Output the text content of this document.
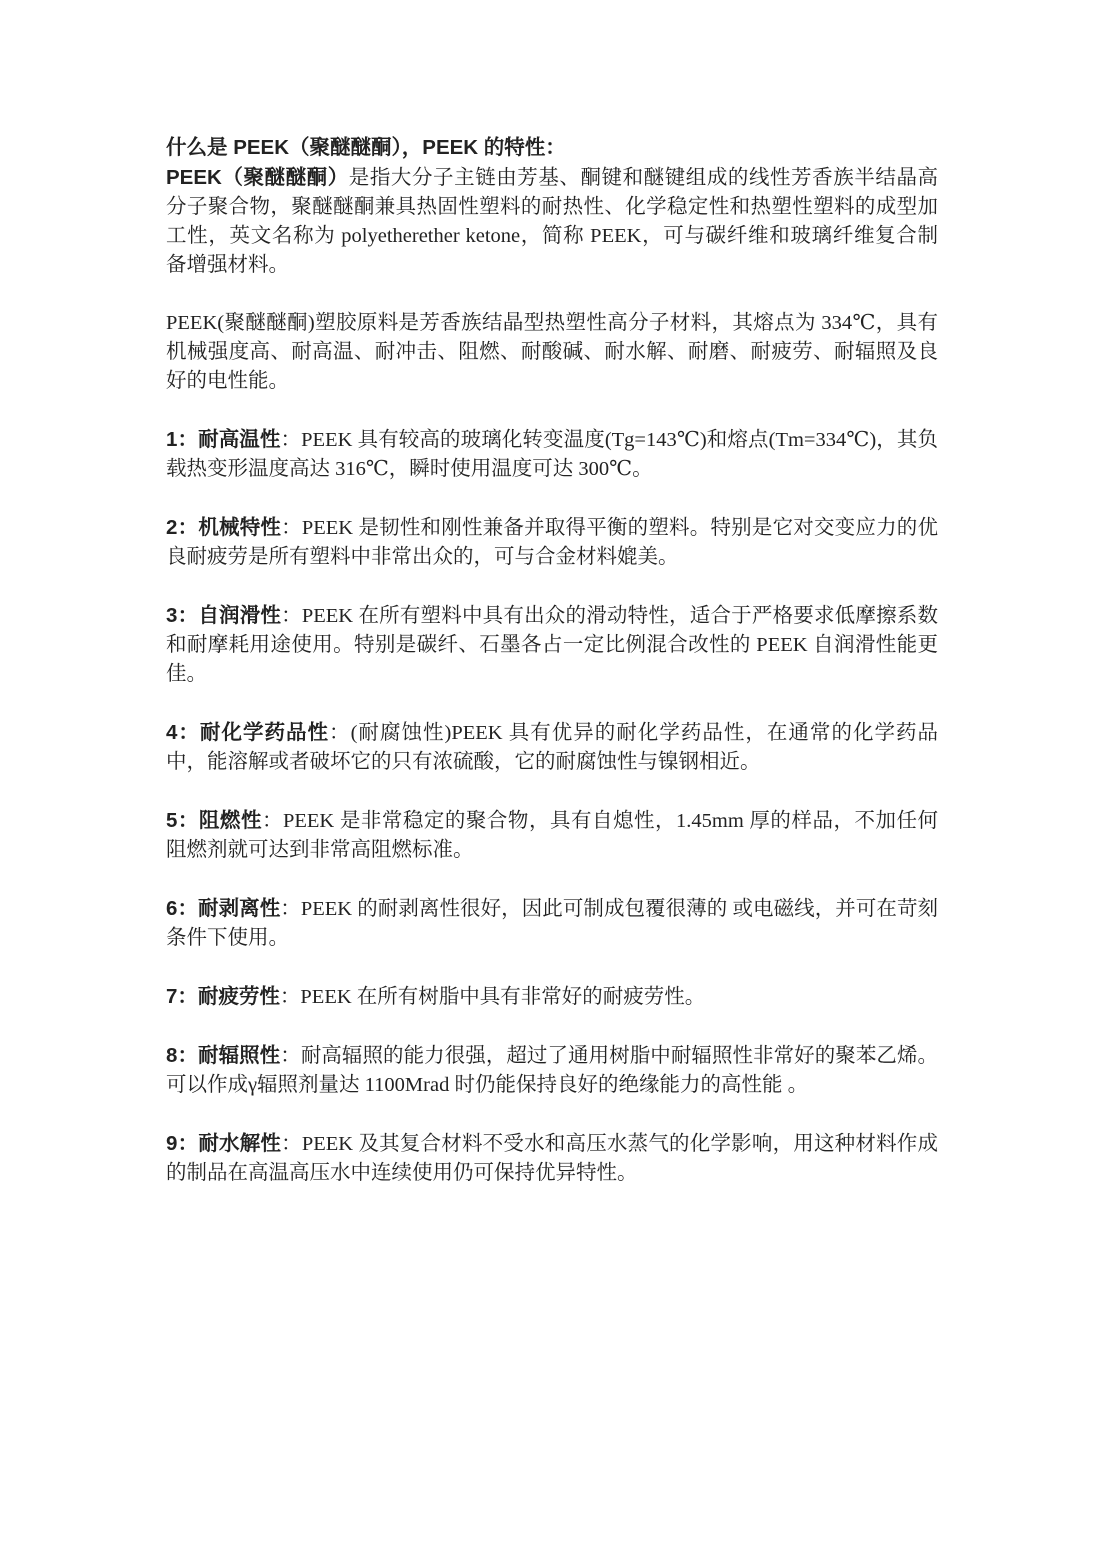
什么是 PEEK（聚醚醚酮），PEEK 的特性：

PEEK（聚醚醚酮）是指大分子主链由芳基、酮键和醚键组成的线性芳香族半结晶高分子聚合物，聚醚醚酮兼具热固性塑料的耐热性、化学稳定性和热塑性塑料的成型加工性，英文名称为 polyetherether ketone，简称 PEEK，可与碳纤维和玻璃纤维复合制备增强材料。

PEEK(聚醚醚酮)塑胶原料是芳香族结晶型热塑性高分子材料，其熔点为 334℃，具有机械强度高、耐高温、耐冲击、阻燃、耐酸碱、耐水解、耐磨、耐疲劳、耐辐照及良好的电性能。

1：耐高温性：PEEK 具有较高的玻璃化转变温度(Tg=143℃)和熔点(Tm=334℃)，其负载热变形温度高达 316℃，瞬时使用温度可达 300℃。

2：机械特性：PEEK 是韧性和刚性兼备并取得平衡的塑料。特别是它对交变应力的优良耐疲劳是所有塑料中非常出众的，可与合金材料媲美。

3：自润滑性：PEEK 在所有塑料中具有出众的滑动特性，适合于严格要求低摩擦系数和耐摩耗用途使用。特别是碳纤、石墨各占一定比例混合改性的 PEEK 自润滑性能更佳。

4：耐化学药品性：(耐腐蚀性)PEEK 具有优异的耐化学药品性，在通常的化学药品中，能溶解或者破坏它的只有浓硫酸，它的耐腐蚀性与镍钢相近。

5：阻燃性：PEEK 是非常稳定的聚合物，具有自熄性，1.45mm 厚的样品，不加任何阻燃剂就可达到非常高阻燃标准。

6：耐剥离性：PEEK 的耐剥离性很好，因此可制成包覆很薄的 或电磁线，并可在苛刻条件下使用。

7：耐疲劳性：PEEK 在所有树脂中具有非常好的耐疲劳性。

8：耐辐照性：耐高辐照的能力很强，超过了通用树脂中耐辐照性非常好的聚苯乙烯。可以作成γ辐照剂量达 1100Mrad 时仍能保持良好的绝缘能力的高性能 。

9：耐水解性：PEEK 及其复合材料不受水和高压水蒸气的化学影响，用这种材料作成的制品在高温高压水中连续使用仍可保持优异特性。
